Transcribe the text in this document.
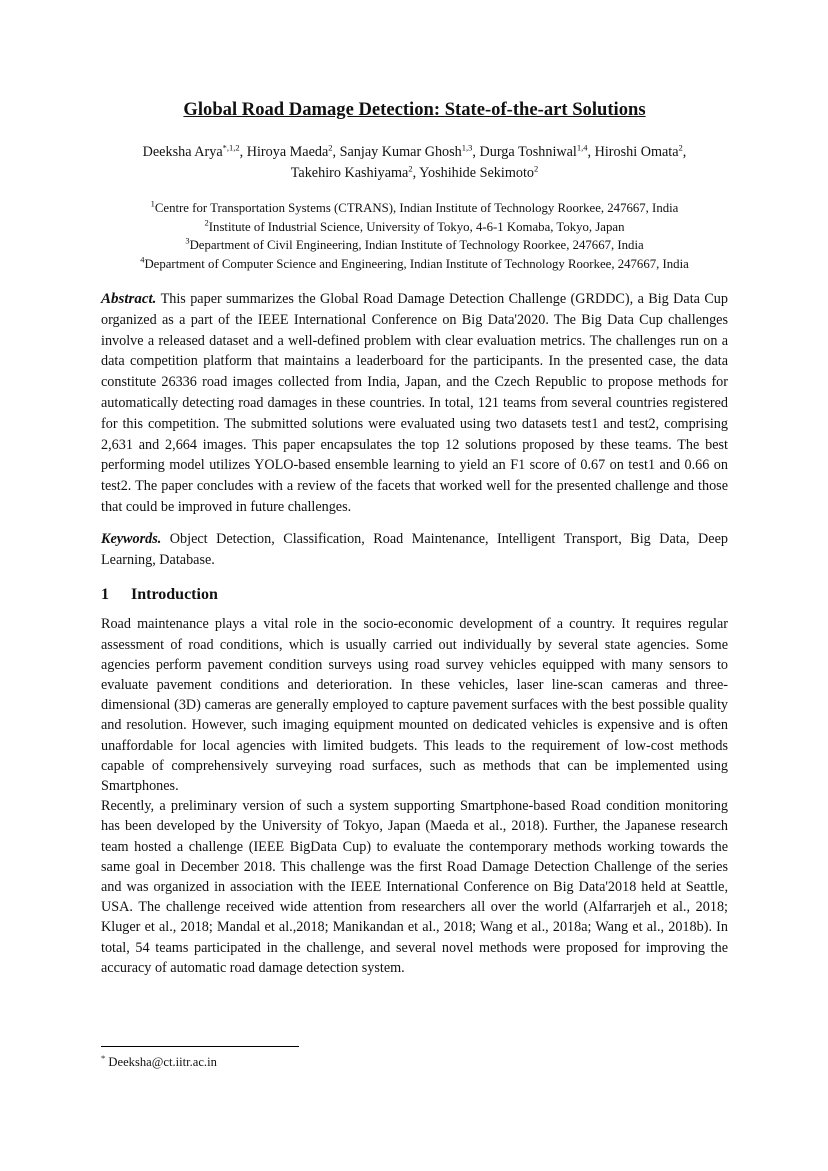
Global Road Damage Detection: State-of-the-art Solutions
Deeksha Arya$^{*,1,2}$, Hiroya Maeda$^2$, Sanjay Kumar Ghosh$^{1,3}$, Durga Toshniwal$^{1,4}$, Hiroshi Omata$^2$,
Takehiro Kashiyama$^2$, Yoshihide Sekimoto$^2$
$^1$Centre for Transportation Systems (CTRANS), Indian Institute of Technology Roorkee, 247667, India
$^2$Institute of Industrial Science, University of Tokyo, 4-6-1 Komaba, Tokyo, Japan
$^3$Department of Civil Engineering, Indian Institute of Technology Roorkee, 247667, India
$^4$Department of Computer Science and Engineering, Indian Institute of Technology Roorkee, 247667, India

Abstract. This paper summarizes the Global Road Damage Detection Challenge (GRDDC), a Big Data Cup organized as a part of the IEEE International Conference on Big Data'2020. The Big Data Cup challenges involve a released dataset and a well-defined problem with clear evaluation metrics. The challenges run on a data competition platform that maintains a leaderboard for the participants. In the presented case, the data constitute 26336 road images collected from India, Japan, and the Czech Republic to propose methods for automatically detecting road damages in these countries. In total, 121 teams from several countries registered for this competition. The submitted solutions were evaluated using two datasets test1 and test2, comprising 2,631 and 2,664 images. This paper encapsulates the top 12 solutions proposed by these teams. The best performing model utilizes YOLO-based ensemble learning to yield an F1 score of 0.67 on test1 and 0.66 on test2. The paper concludes with a review of the facets that worked well for the presented challenge and those that could be improved in future challenges.

Keywords. Object Detection, Classification, Road Maintenance, Intelligent Transport, Big Data, Deep Learning, Database.

1 Introduction

Road maintenance plays a vital role in the socio-economic development of a country. It requires regular assessment of road conditions, which is usually carried out individually by several state agencies. Some agencies perform pavement condition surveys using road survey vehicles equipped with many sensors to evaluate pavement conditions and deterioration. In these vehicles, laser line-scan cameras and three-dimensional (3D) cameras are generally employed to capture pavement surfaces with the best possible quality and resolution. However, such imaging equipment mounted on dedicated vehicles is expensive and is often unaffordable for local agencies with limited budgets. This leads to the requirement of low-cost methods capable of comprehensively surveying road surfaces, such as methods that can be implemented using Smartphones.

Recently, a preliminary version of such a system supporting Smartphone-based Road condition monitoring has been developed by the University of Tokyo, Japan (Maeda et al., 2018). Further, the Japanese research team hosted a challenge (IEEE BigData Cup) to evaluate the contemporary methods working towards the same goal in December 2018. This challenge was the first Road Damage Detection Challenge of the series and was organized in association with the IEEE International Conference on Big Data'2018 held at Seattle, USA. The challenge received wide attention from researchers all over the world (Alfarrarjeh et al., 2018; Kluger et al., 2018; Mandal et al.,2018; Manikandan et al., 2018; Wang et al., 2018a; Wang et al., 2018b). In total, 54 teams participated in the challenge, and several novel methods were proposed for improving the accuracy of automatic road damage detection system.

* Deeksha@ct.iitr.ac.in
